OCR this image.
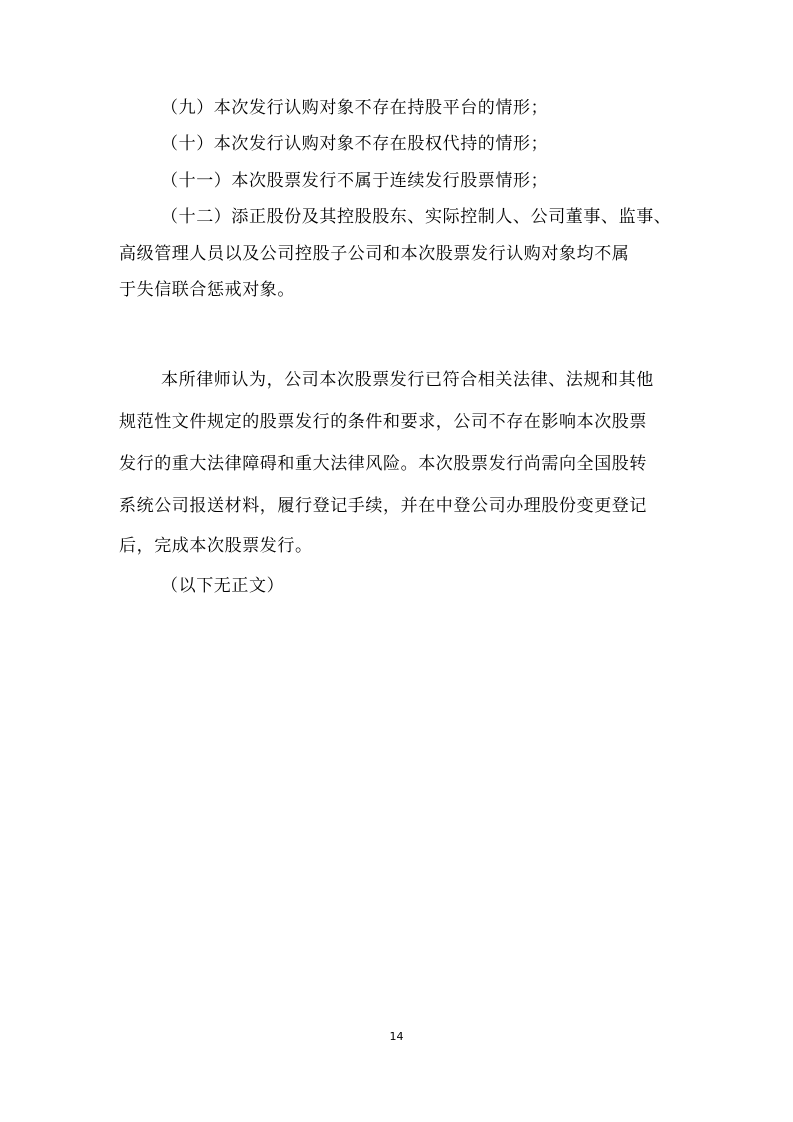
（九）本次发行认购对象不存在持股平台的情形；
（十）本次发行认购对象不存在股权代持的情形；
（十一）本次股票发行不属于连续发行股票情形；
（十二）添正股份及其控股股东、实际控制人、公司董事、监事、
高级管理人员以及公司控股子公司和本次股票发行认购对象均不属
于失信联合惩戒对象。
本所律师认为，公司本次股票发行已符合相关法律、法规和其他
规范性文件规定的股票发行的条件和要求，公司不存在影响本次股票
发行的重大法律障碍和重大法律风险。本次股票发行尚需向全国股转
系统公司报送材料，履行登记手续，并在中登公司办理股份变更登记
后，完成本次股票发行。
（以下无正文）
14
